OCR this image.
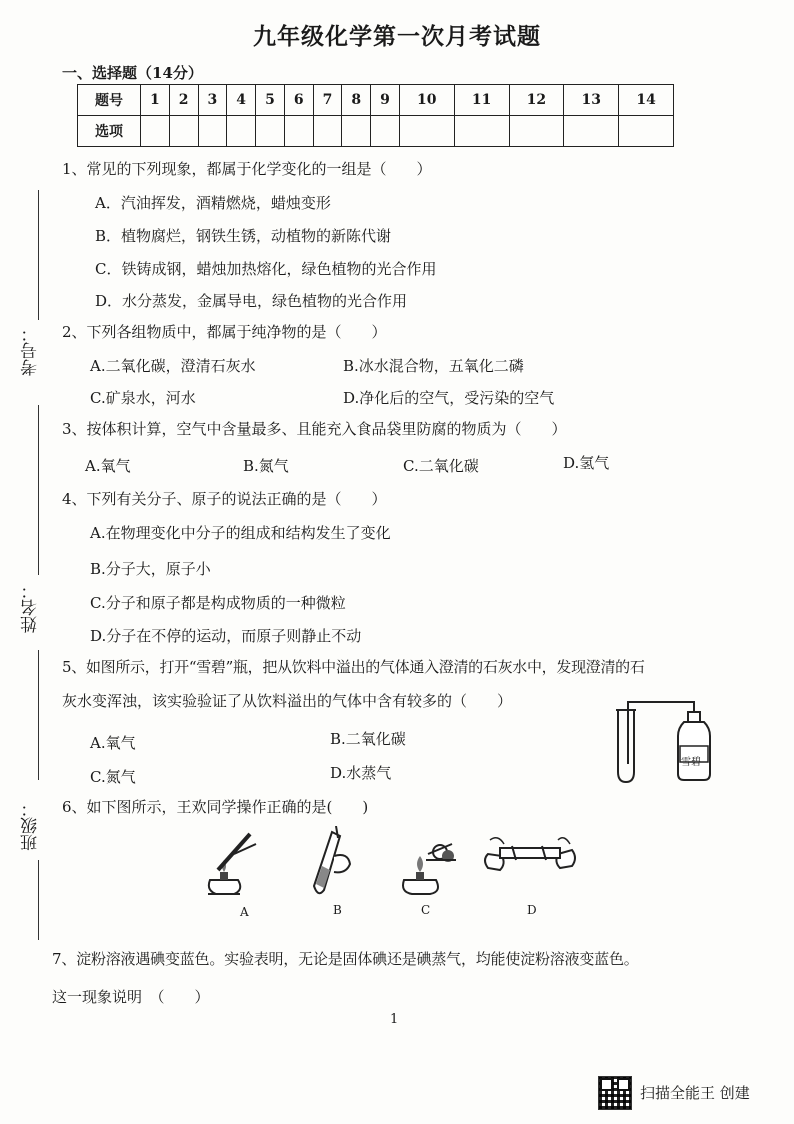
九年级化学第一次月考试题
一、选择题（14分）
题号	1	2	3	4	5	6	7	8	9	10	11	12	13	14
选项														
考号：
姓名：
班级：
1、常见的下列现象，都属于化学变化的一组是（　　）
A．汽油挥发，酒精燃烧，蜡烛变形
B．植物腐烂，钢铁生锈，动植物的新陈代谢
C．铁铸成钢，蜡烛加热熔化，绿色植物的光合作用
D．水分蒸发，金属导电，绿色植物的光合作用
2、下列各组物质中，都属于纯净物的是（　　）
A.二氧化碳，澄清石灰水	B.冰水混合物，五氧化二磷
C.矿泉水，河水	D.净化后的空气，受污染的空气
3、按体积计算，空气中含量最多、且能充入食品袋里防腐的物质为（　　）
A.氧气	B.氮气	C.二氧化碳	D.氢气
4、下列有关分子、原子的说法正确的是（　　）
A.在物理变化中分子的组成和结构发生了变化
B.分子大，原子小
C.分子和原子都是构成物质的一种微粒
D.分子在不停的运动，而原子则静止不动
5、如图所示，打开“雪碧”瓶，把从饮料中溢出的气体通入澄清的石灰水中，发现澄清的石
灰水变浑浊，该实验验证了从饮料溢出的气体中含有较多的（　　）
A.氧气	B.二氧化碳
C.氮气	D.水蒸气
雪碧
6、如下图所示，王欢同学操作正确的是(　　)
A	B	C	D
7、淀粉溶液遇碘变蓝色。实验表明，无论是固体碘还是碘蒸气，均能使淀粉溶液变蓝色。
这一现象说明　（　　）
1
扫描全能王 创建
